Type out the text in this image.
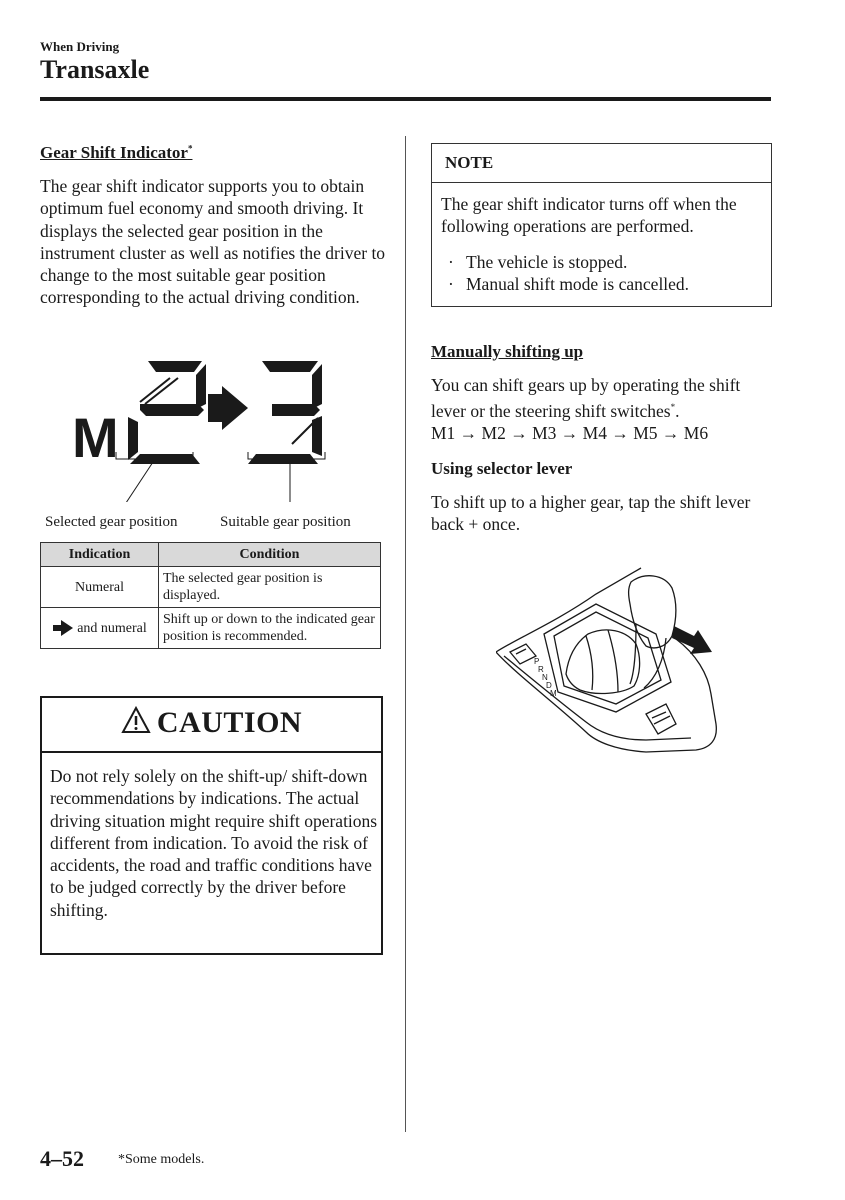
When Driving
Transaxle
Gear Shift Indicator*
The gear shift indicator supports you to obtain optimum fuel economy and smooth driving. It displays the selected gear position in the instrument cluster as well as notifies the driver to change to the most suitable gear position corresponding to the actual driving condition.
M
Selected gear position	Suitable gear position
Indication	Condition
Numeral	The selected gear position is displayed.
and numeral	Shift up or down to the indicated gear position is recommended.
CAUTION
Do not rely solely on the shift-up/ shift-down recommendations by indications. The actual driving situation might require shift operations different from indication. To avoid the risk of accidents, the road and traffic conditions have to be judged correctly by the driver before shifting.
NOTE
The gear shift indicator turns off when the following operations are performed.
· The vehicle is stopped.
· Manual shift mode is cancelled.
Manually shifting up
You can shift gears up by operating the shift lever or the steering shift switches*.
M1 → M2 → M3 → M4 → M5 → M6
Using selector lever
To shift up to a higher gear, tap the shift lever back + once.
P
R
N
D
M
4–52 *Some models.
